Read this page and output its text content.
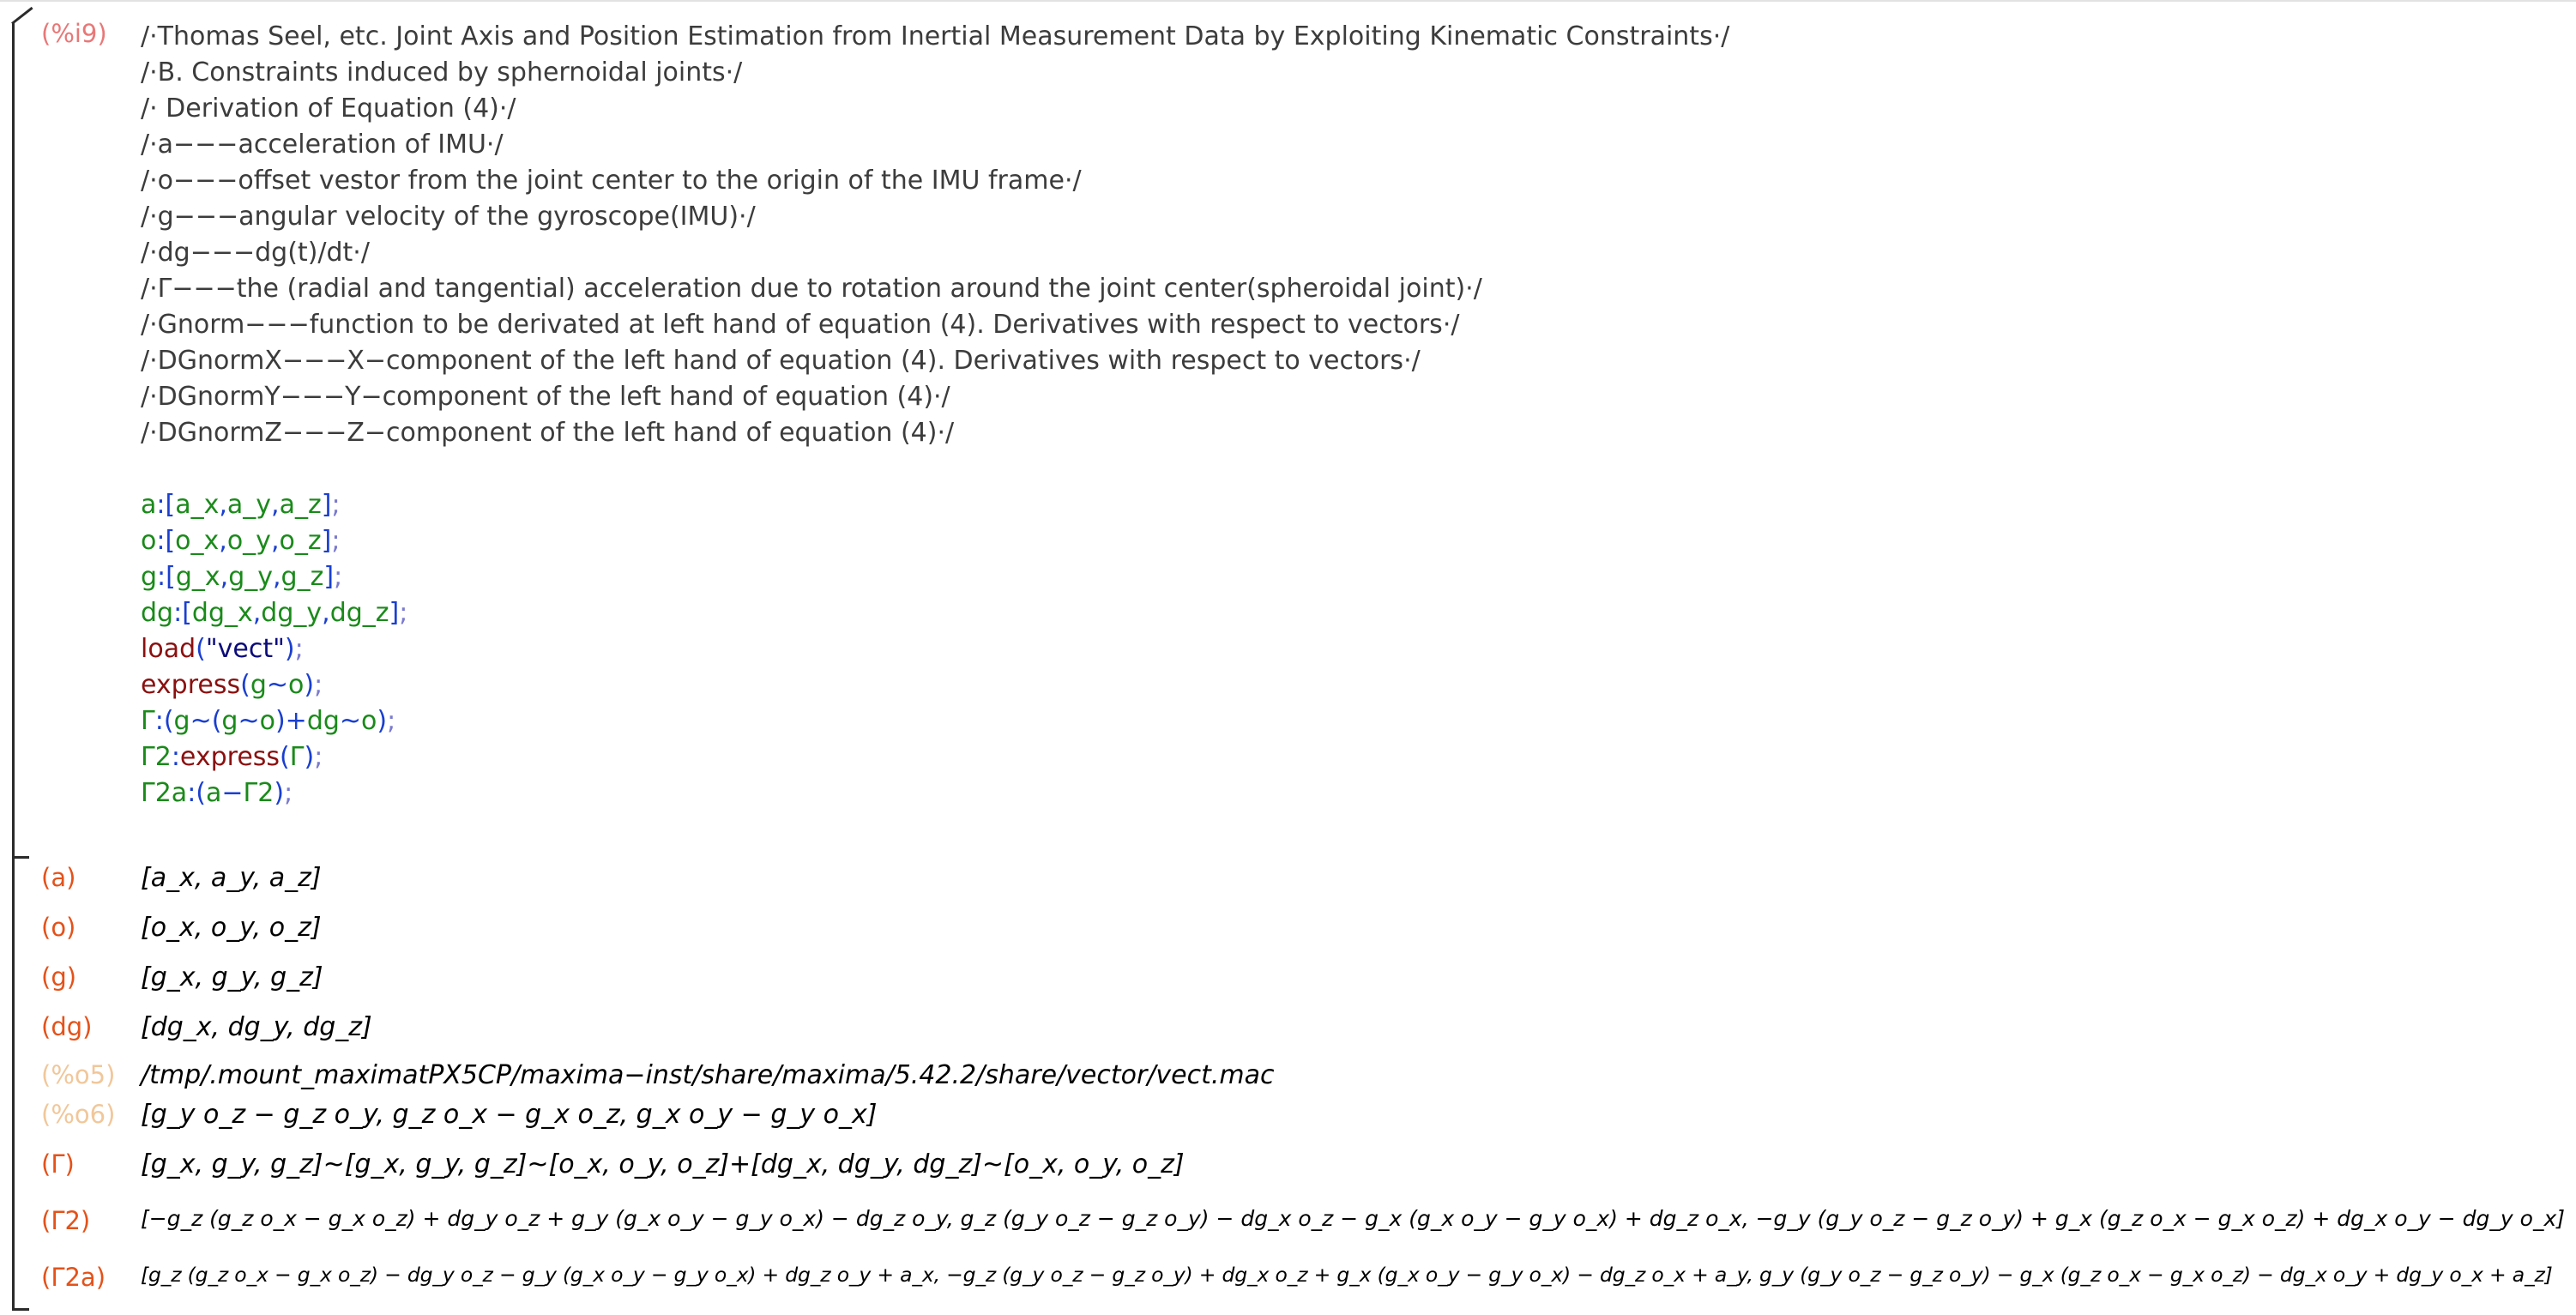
(%i9) /·Thomas Seel, etc. Joint Axis and Position Estimation from Inertial Measurement Data by Exploiting Kinematic Constraints·/
/·B. Constraints induced by sphernoidal joints·/
/· Derivation of Equation (4)·/
/·a−−−acceleration of IMU·/
/·o−−−offset vestor from the joint center to the origin of the IMU frame·/
/·g−−−angular velocity of the gyroscope(IMU)·/
/·dg−−−dg(t)/dt·/
/·Γ−−−the (radial and tangential) acceleration due to rotation around the joint center(spheroidal joint)·/
/·Gnorm−−−function to be derivated at left hand of equation (4). Derivatives with respect to vectors·/
/·DGnormX−−−X−component of the left hand of equation (4). Derivatives with respect to vectors·/
/·DGnormY−−−Y−component of the left hand of equation (4)·/
/·DGnormZ−−−Z−component of the left hand of equation (4)·/
a:[a_x,a_y,a_z];
o:[o_x,o_y,o_z];
g:[g_x,g_y,g_z];
dg:[dg_x,dg_y,dg_z];
load("vect");
express(g~o);
Γ:(g~(g~o)+dg~o);
Γ2:express(Γ);
Γ2a:(a−Γ2);
(a)	[a_x, a_y, a_z]
(o)	[o_x, o_y, o_z]
(g) [g_x, g_y, g_z]
(dg) [dg_x, dg_y, dg_z]
(%o5) /tmp/.mount_maximatPX5CP/maxima−inst/share/maxima/5.42.2/share/vector/vect.mac
(%o6) [g_y o_z − g_z o_y, g_z o_x − g_x o_z, g_x o_y − g_y o_x]
(Γ)	[g_x, g_y, g_z]~[g_x, g_y, g_z]~[o_x, o_y, o_z]+[dg_x, dg_y, dg_z]~[o_x, o_y, o_z]
(Γ2) [−g_z (g_z o_x − g_x o_z) + dg_y o_z + g_y (g_x o_y − g_y o_x) − dg_z o_y, g_z (g_y o_z − g_z o_y) − dg_x o_z − g_x (g_x o_y − g_y o_x) + dg_z o_x, −g_y (g_y o_z − g_z o_y) + g_x (g_z o_x − g_x o_z) + dg_x o_y − dg_y o_x]
(Γ2a) [g_z (g_z o_x − g_x o_z) − dg_y o_z − g_y (g_x o_y − g_y o_x) + dg_z o_y + a_x, −g_z (g_y o_z − g_z o_y) + dg_x o_z + g_x (g_x o_y − g_y o_x) − dg_z o_x + a_y, g_y (g_y o_z − g_z o_y) − g_x (g_z o_x − g_x o_z) − dg_x o_y + dg_y o_x + a_z]
